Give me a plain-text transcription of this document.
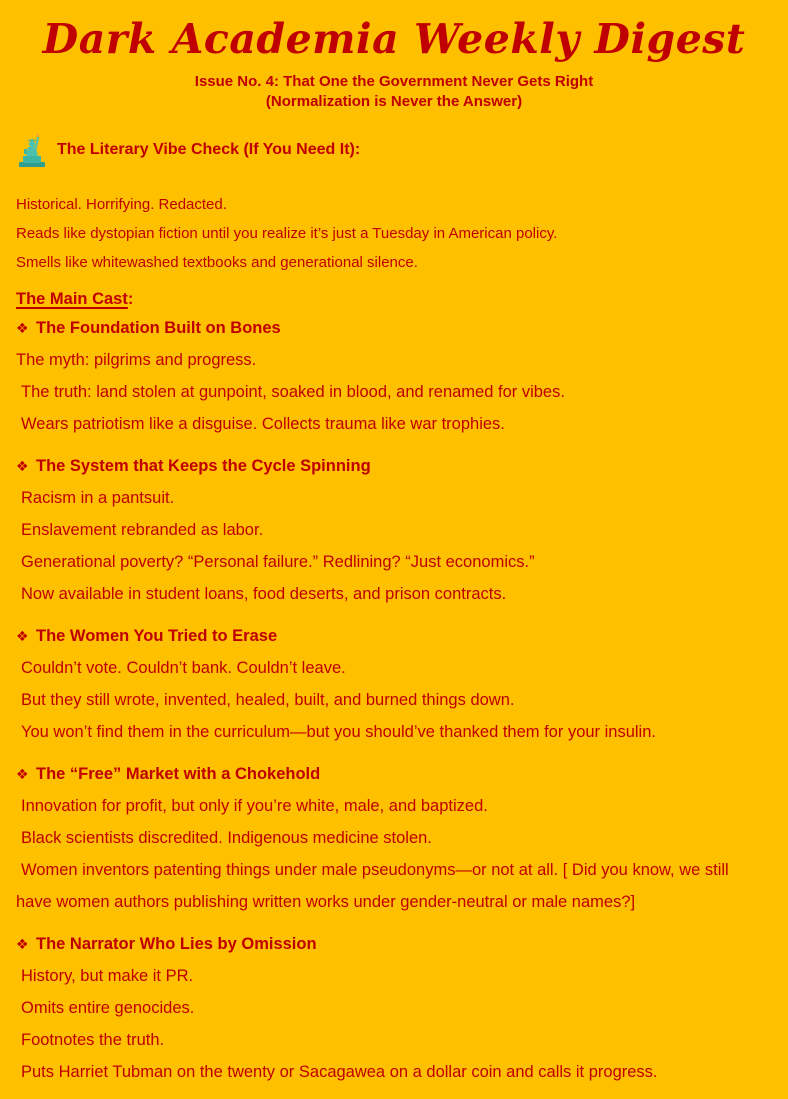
Dark Academia Weekly Digest
Issue No. 4: That One the Government Never Gets Right
(Normalization is Never the Answer)
The Literary Vibe Check (If You Need It):
Historical. Horrifying. Redacted.
Reads like dystopian fiction until you realize it’s just a Tuesday in American policy.
Smells like whitewashed textbooks and generational silence.
The Main Cast:
❖ The Foundation Built on Bones
The myth: pilgrims and progress.
The truth: land stolen at gunpoint, soaked in blood, and renamed for vibes.
Wears patriotism like a disguise. Collects trauma like war trophies.
❖ The System that Keeps the Cycle Spinning
Racism in a pantsuit.
Enslavement rebranded as labor.
Generational poverty? “Personal failure.” Redlining? “Just economics.”
Now available in student loans, food deserts, and prison contracts.
❖ The Women You Tried to Erase
Couldn’t vote. Couldn’t bank. Couldn’t leave.
But they still wrote, invented, healed, built, and burned things down.
You won’t find them in the curriculum—but you should’ve thanked them for your insulin.
❖ The “Free” Market with a Chokehold
Innovation for profit, but only if you’re white, male, and baptized.
Black scientists discredited. Indigenous medicine stolen.
Women inventors patenting things under male pseudonyms—or not at all. [ Did you know, we still have women authors publishing written works under gender-neutral or male names?]
❖ The Narrator Who Lies by Omission
History, but make it PR.
Omits entire genocides.
Footnotes the truth.
Puts Harriet Tubman on the twenty or Sacagawea on a dollar coin and calls it progress.
